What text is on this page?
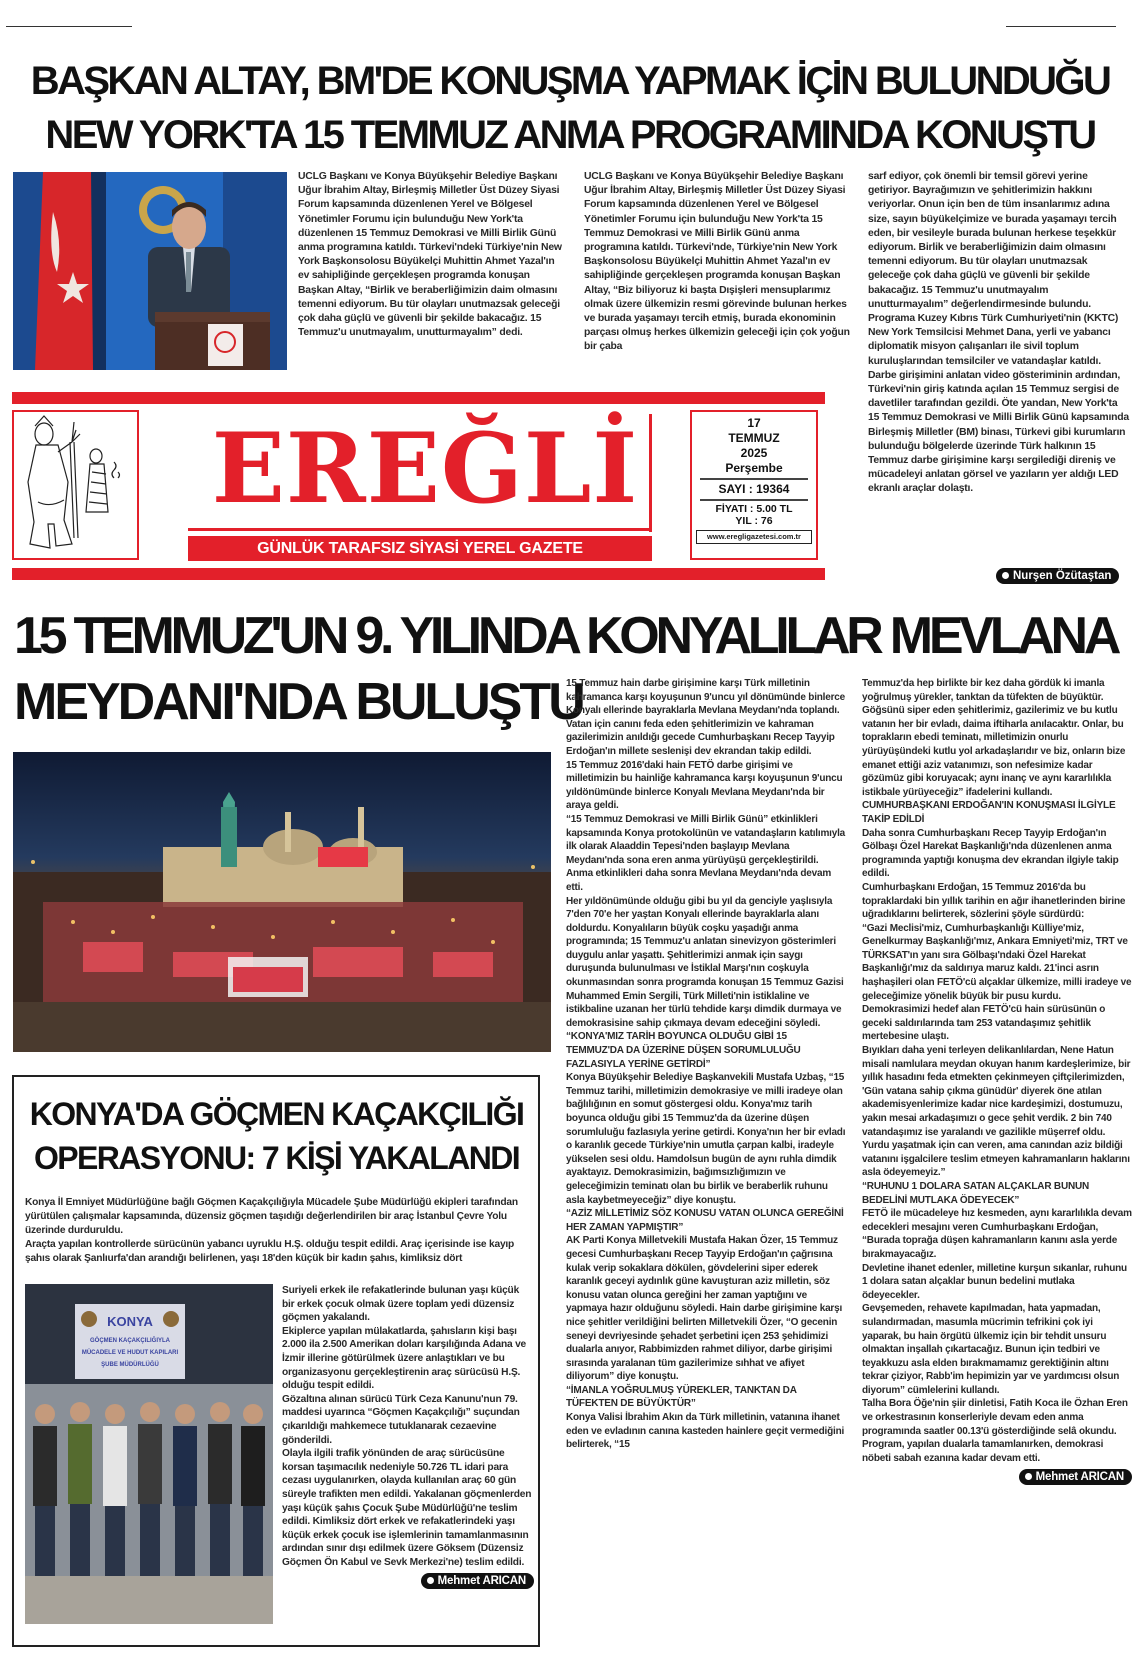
BAŞKAN ALTAY, BM'DE KONUŞMA YAPMAK İÇİN BULUNDUĞU
NEW YORK'TA 15 TEMMUZ ANMA PROGRAMINDA KONUŞTU

UCLG Başkanı ve Konya Büyükşehir Belediye Başkanı Uğur İbrahim Altay, Birleşmiş Milletler Üst Düzey Siyasi Forum kapsamında düzenlenen Yerel ve Bölgesel Yönetimler Forumu için bulunduğu New York'ta düzenlenen 15 Temmuz Demokrasi ve Milli Birlik Günü anma programına katıldı. Türkevi'ndeki Türkiye'nin New York Başkonsolosu Büyükelçi Muhittin Ahmet Yazal'ın ev sahipliğinde gerçekleşen programda konuşan Başkan Altay, “Birlik ve beraberliğimizin daim olmasını temenni ediyorum. Bu tür olayları unutmazsak geleceği çok daha güçlü ve güvenli bir şekilde bakacağız. 15 Temmuz'u unutmayalım, unutturmayalım” dedi.

UCLG Başkanı ve Konya Büyükşehir Belediye Başkanı Uğur İbrahim Altay, Birleşmiş Milletler Üst Düzey Siyasi Forum kapsamında düzenlenen Yerel ve Bölgesel Yönetimler Forumu için bulunduğu New York'ta 15 Temmuz Demokrasi ve Milli Birlik Günü anma programına katıldı. Türkevi'nde, Türkiye'nin New York Başkonsolosu Büyükelçi Muhittin Ahmet Yazal'ın ev sahipliğinde gerçekleşen programda konuşan Başkan Altay, “Biz biliyoruz ki başta Dışişleri mensuplarımız olmak üzere ülkemizin resmi görevinde bulunan herkes ve burada yaşamayı tercih etmiş, burada ekonominin parçası olmuş herkes ülkemizin geleceği için çok yoğun bir çaba

sarf ediyor, çok önemli bir temsil görevi yerine getiriyor. Bayrağımızın ve şehitlerimizin hakkını veriyorlar. Onun için ben de tüm insanlarımız adına size, sayın büyükelçimize ve burada yaşamayı tercih eden, bir vesileyle burada bulunan herkese teşekkür ediyorum. Birlik ve beraberliğimizin daim olmasını temenni ediyorum. Bu tür olayları unutmazsak geleceğe çok daha güçlü ve güvenli bir şekilde bakacağız. 15 Temmuz'u unutmayalım unutturmayalım” değerlendirmesinde bulundu.

Programa Kuzey Kıbrıs Türk Cumhuriyeti'nin (KKTC) New York Temsilcisi Mehmet Dana, yerli ve yabancı diplomatik misyon çalışanları ile sivil toplum kuruluşlarından temsilciler ve vatandaşlar katıldı.

Darbe girişimini anlatan video gösteriminin ardından, Türkevi'nin giriş katında açılan 15 Temmuz sergisi de davetliler tarafından gezildi. Öte yandan, New York'ta 15 Temmuz Demokrasi ve Milli Birlik Günü kapsamında Birleşmiş Milletler (BM) binası, Türkevi gibi kurumların bulunduğu bölgelerde üzerinde Türk halkının 15 Temmuz darbe girişimine karşı sergilediği direniş ve mücadeleyi anlatan görsel ve yazıların yer aldığı LED ekranlı araçlar dolaştı.

Nurşen Özütaştan
EREĞLİ
GÜNLÜK TARAFSIZ SİYASİ YEREL GAZETE
17
TEMMUZ
2025
Perşembe
SAYI : 19364
FİYATI : 5.00 TL
YIL : 76
www.eregligazetesi.com.tr
15 TEMMUZ'UN 9. YILINDA KONYALILAR MEVLANA
MEYDANI'NDA BULUŞTU

15 Temmuz hain darbe girişimine karşı Türk milletinin kahramanca karşı koyuşunun 9'uncu yıl dönümünde binlerce Konyalı ellerinde bayraklarla Mevlana Meydanı'nda toplandı. Vatan için canını feda eden şehitlerimizin ve kahraman gazilerimizin anıldığı gecede Cumhurbaşkanı Recep Tayyip Erdoğan'ın millete seslenişi dev ekrandan takip edildi.

15 Temmuz 2016'daki hain FETÖ darbe girişimi ve milletimizin bu hainliğe kahramanca karşı koyuşunun 9'uncu yıldönümünde binlerce Konyalı Mevlana Meydanı'nda bir araya geldi.

“15 Temmuz Demokrasi ve Milli Birlik Günü” etkinlikleri kapsamında Konya protokolünün ve vatandaşların katılımıyla ilk olarak Alaaddin Tepesi'nden başlayıp Mevlana Meydanı'nda sona eren anma yürüyüşü gerçekleştirildi. Anma etkinlikleri daha sonra Mevlana Meydanı'nda devam etti.

Her yıldönümünde olduğu gibi bu yıl da genciyle yaşlısıyla 7'den 70'e her yaştan Konyalı ellerinde bayraklarla alanı doldurdu. Konyalıların büyük coşku yaşadığı anma programında; 15 Temmuz'u anlatan sinevizyon gösterimleri duygulu anlar yaşattı. Şehitlerimizi anmak için saygı duruşunda bulunulması ve İstiklal Marşı'nın coşkuyla okunmasından sonra programda konuşan 15 Temmuz Gazisi Muhammed Emin Sergili, Türk Milleti'nin istiklaline ve istikbaline uzanan her türlü tehdide karşı dimdik durmaya ve demokrasisine sahip çıkmaya devam edeceğini söyledi.

“KONYA'MIZ TARİH BOYUNCA OLDUĞU GİBİ 15 TEMMUZ'DA DA ÜZERİNE DÜŞEN SORUMLULUĞU FAZLASIYLA YERİNE GETİRDİ”

Konya Büyükşehir Belediye Başkanvekili Mustafa Uzbaş, “15 Temmuz tarihi, milletimizin demokrasiye ve milli iradeye olan bağlılığının en somut göstergesi oldu. Konya'mız tarih boyunca olduğu gibi 15 Temmuz'da da üzerine düşen sorumluluğu fazlasıyla yerine getirdi. Konya'nın her bir evladı o karanlık gecede Türkiye'nin umutla çarpan kalbi, iradeyle yükselen sesi oldu. Hamdolsun bugün de aynı ruhla dimdik ayaktayız. Demokrasimizin, bağımsızlığımızın ve geleceğimizin teminatı olan bu birlik ve beraberlik ruhunu asla kaybetmeyeceğiz” diye konuştu.

“AZİZ MİLLETİMİZ SÖZ KONUSU VATAN OLUNCA GEREĞİNİ HER ZAMAN YAPMIŞTIR”

AK Parti Konya Milletvekili Mustafa Hakan Özer, 15 Temmuz gecesi Cumhurbaşkanı Recep Tayyip Erdoğan'ın çağrısına kulak verip sokaklara dökülen, gövdelerini siper ederek karanlık geceyi aydınlık güne kavuşturan aziz milletin, söz konusu vatan olunca gereğini her zaman yaptığını ve yapmaya hazır olduğunu söyledi. Hain darbe girişimine karşı nice şehitler verildiğini belirten Milletvekili Özer, “O gecenin seneyi devriyesinde şehadet şerbetini içen 253 şehidimizi dualarla anıyor, Rabbimizden rahmet diliyor, darbe girişimi sırasında yaralanan tüm gazilerimize sıhhat ve afiyet diliyorum” diye konuştu.

“İMANLA YOĞRULMUŞ YÜREKLER, TANKTAN DA TÜFEKTEN DE BÜYÜKTÜR”

Konya Valisi İbrahim Akın da Türk milletinin, vatanına ihanet eden ve evladının canına kasteden hainlere geçit vermediğini belirterek, “15

Temmuz'da hep birlikte bir kez daha gördük ki imanla yoğrulmuş yürekler, tanktan da tüfekten de büyüktür. Göğsünü siper eden şehitlerimiz, gazilerimiz ve bu kutlu vatanın her bir evladı, daima iftiharla anılacaktır. Onlar, bu toprakların ebedi teminatı, milletimizin onurlu yürüyüşündeki kutlu yol arkadaşlarıdır ve biz, onların bize emanet ettiği aziz vatanımızı, son nefesimize kadar gözümüz gibi koruyacak; aynı inanç ve aynı kararlılıkla istikbale yürüyeceğiz” ifadelerini kullandı.

CUMHURBAŞKANI ERDOĞAN'IN KONUŞMASI İLGİYLE TAKİP EDİLDİ

Daha sonra Cumhurbaşkanı Recep Tayyip Erdoğan'ın Gölbaşı Özel Harekat Başkanlığı'nda düzenlenen anma programında yaptığı konuşma dev ekrandan ilgiyle takip edildi.

Cumhurbaşkanı Erdoğan, 15 Temmuz 2016'da bu topraklardaki bin yıllık tarihin en ağır ihanetlerinden birine uğradıklarını belirterek, sözlerini şöyle sürdürdü:

“Gazi Meclisi'miz, Cumhurbaşkanlığı Külliye'miz, Genelkurmay Başkanlığı'mız, Ankara Emniyeti'miz, TRT ve TÜRKSAT'ın yanı sıra Gölbaşı'ndaki Özel Harekat Başkanlığı'mız da saldırıya maruz kaldı. 21'inci asrın haşhaşileri olan FETÖ'cü alçaklar ülkemize, milli iradeye ve geleceğimize yönelik büyük bir pusu kurdu.

Demokrasimizi hedef alan FETÖ'cü hain sürüsünün o geceki saldırılarında tam 253 vatandaşımız şehitlik mertebesine ulaştı.

Bıyıkları daha yeni terleyen delikanlılardan, Nene Hatun misali namlulara meydan okuyan hanım kardeşlerimize, bir yıllık hasadını feda etmekten çekinmeyen çiftçilerimizden, 'Gün vatana sahip çıkma günüdür' diyerek öne atılan akademisyenlerimize kadar nice kardeşimizi, dostumuzu, yakın mesai arkadaşımızı o gece şehit verdik. 2 bin 740 vatandaşımız ise yaralandı ve gazilikle müşerref oldu. Yurdu yaşatmak için can veren, ama canından aziz bildiği vatanını işgalcilere teslim etmeyen kahramanların haklarını asla ödeyemeyiz.”

“RUHUNU 1 DOLARA SATAN ALÇAKLAR BUNUN BEDELİNİ MUTLAKA ÖDEYECEK”

FETÖ ile mücadeleye hız kesmeden, aynı kararlılıkla devam edecekleri mesajını veren Cumhurbaşkanı Erdoğan, “Burada toprağa düşen kahramanların kanını asla yerde bırakmayacağız.

Devletine ihanet edenler, milletine kurşun sıkanlar, ruhunu 1 dolara satan alçaklar bunun bedelini mutlaka ödeyecekler.

Gevşemeden, rehavete kapılmadan, hata yapmadan, sulandırmadan, masumla mücrimin tefrikini çok iyi yaparak, bu hain örgütü ülkemiz için bir tehdit unsuru olmaktan inşallah çıkartacağız. Bunun için tedbiri ve teyakkuzu asla elden bırakmamamız gerektiğinin altını tekrar çiziyor, Rabb'im hepimizin yar ve yardımcısı olsun diyorum” cümlelerini kullandı.

Talha Bora Öğe'nin şiir dinletisi, Fatih Koca ile Özhan Eren ve orkestrasının konserleriyle devam eden anma programında saatler 00.13'ü gösterdiğinde selâ okundu. Program, yapılan dualarla tamamlanırken, demokrasi nöbeti sabah ezanına kadar devam etti.

Mehmet ARICAN
KONYA'DA GÖÇMEN KAÇAKÇILIĞI
OPERASYONU: 7 KİŞİ YAKALANDI

Konya İl Emniyet Müdürlüğüne bağlı Göçmen Kaçakçılığıyla Mücadele Şube Müdürlüğü ekipleri tarafından yürütülen çalışmalar kapsamında, düzensiz göçmen taşıdığı değerlendirilen bir araç İstanbul Çevre Yolu üzerinde durduruldu.

Araçta yapılan kontrollerde sürücünün yabancı uyruklu H.Ş. olduğu tespit edildi. Araç içerisinde ise kayıp şahıs olarak Şanlıurfa'dan arandığı belirlenen, yaşı 18'den küçük bir kadın şahıs, kimliksiz dört

KONYA
GÖÇMEN KAÇAKÇILIĞIYLA
MÜCADELE VE HUDUT KAPILARI
ŞUBE MÜDÜRLÜĞÜ

Suriyeli erkek ile refakatlerinde bulunan yaşı küçük bir erkek çocuk olmak üzere toplam yedi düzensiz göçmen yakalandı.

Ekiplerce yapılan mülakatlarda, şahısların kişi başı 2.000 ila 2.500 Amerikan doları karşılığında Adana ve İzmir illerine götürülmek üzere anlaştıkları ve bu organizasyonu gerçekleştirenin araç sürücüsü H.Ş. olduğu tespit edildi.

Gözaltına alınan sürücü Türk Ceza Kanunu'nun 79. maddesi uyarınca “Göçmen Kaçakçılığı” suçundan çıkarıldığı mahkemece tutuklanarak cezaevine gönderildi.

Olayla ilgili trafik yönünden de araç sürücüsüne korsan taşımacılık nedeniyle 50.726 TL idari para cezası uygulanırken, olayda kullanılan araç 60 gün süreyle trafikten men edildi. Yakalanan göçmenlerden yaşı küçük şahıs Çocuk Şube Müdürlüğü'ne teslim edildi. Kimliksiz dört erkek ve refakatlerindeki yaşı küçük erkek çocuk ise işlemlerinin tamamlanmasının ardından sınır dışı edilmek üzere Göksem (Düzensiz Göçmen Ön Kabul ve Sevk Merkezi'ne) teslim edildi.

Mehmet ARICAN
